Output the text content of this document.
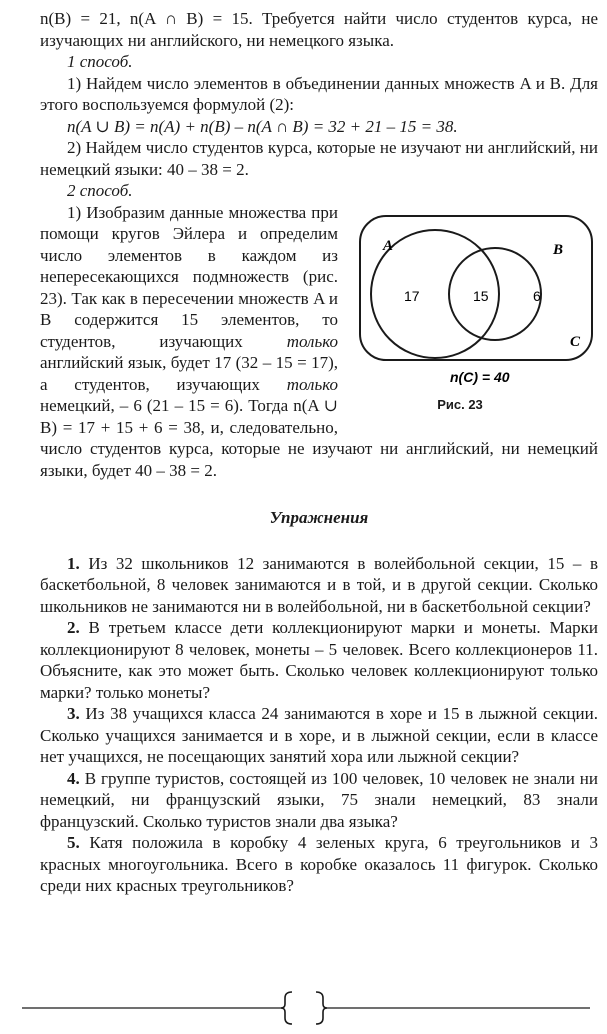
n(B) = 21, n(A ∩ B) = 15. Требуется найти число студентов курса, не изучающих ни английского, ни немецкого языка.

1 способ.

1) Найдем число элементов в объединении данных множеств A и B. Для этого воспользуемся формулой (2):

n(A ∪ B) = n(A) + n(B) – n(A ∩ B) = 32 + 21 – 15 = 38.

2) Найдем число студентов курса, которые не изучают ни английский, ни немецкий языки: 40 – 38 = 2.

2 способ.

A	B
C
17	15	6
n(C) = 40
Рис. 23

1) Изобразим данные множества при помощи кругов Эйлера и определим число элементов в каждом из непересекающихся подмножеств (рис. 23). Так как в пересечении множеств A и B содержится 15 элементов, то студентов, изучающих только английский язык, будет 17 (32 – 15 = 17), а студентов, изучающих только немецкий, – 6 (21 – 15 = 6). Тогда n(A ∪ B) = 17 + 15 + 6 = 38, и, следовательно, число студентов курса, которые не изучают ни английский, ни немецкий языки, будет 40 – 38 = 2.

Упражнения

1. Из 32 школьников 12 занимаются в волейбольной секции, 15 – в баскетбольной, 8 человек занимаются и в той, и в другой секции. Сколько школьников не занимаются ни в волейбольной, ни в баскетбольной секции?

2. В третьем классе дети коллекционируют марки и монеты. Марки коллекционируют 8 человек, монеты – 5 человек. Всего коллекционеров 11. Объясните, как это может быть. Сколько человек коллекционируют только марки? только монеты?

3. Из 38 учащихся класса 24 занимаются в хоре и 15 в лыжной секции. Сколько учащихся занимается и в хоре, и в лыжной секции, если в классе нет учащихся, не посещающих занятий хора или лыжной секции?

4. В группе туристов, состоящей из 100 человек, 10 человек не знали ни немецкий, ни французский языки, 75 знали немецкий, 83 знали французский. Сколько туристов знали два языка?

5. Катя положила в коробку 4 зеленых круга, 6 треугольников и 3 красных многоугольника. Всего в коробке оказалось 11 фигурок. Сколько среди них красных треугольников?
